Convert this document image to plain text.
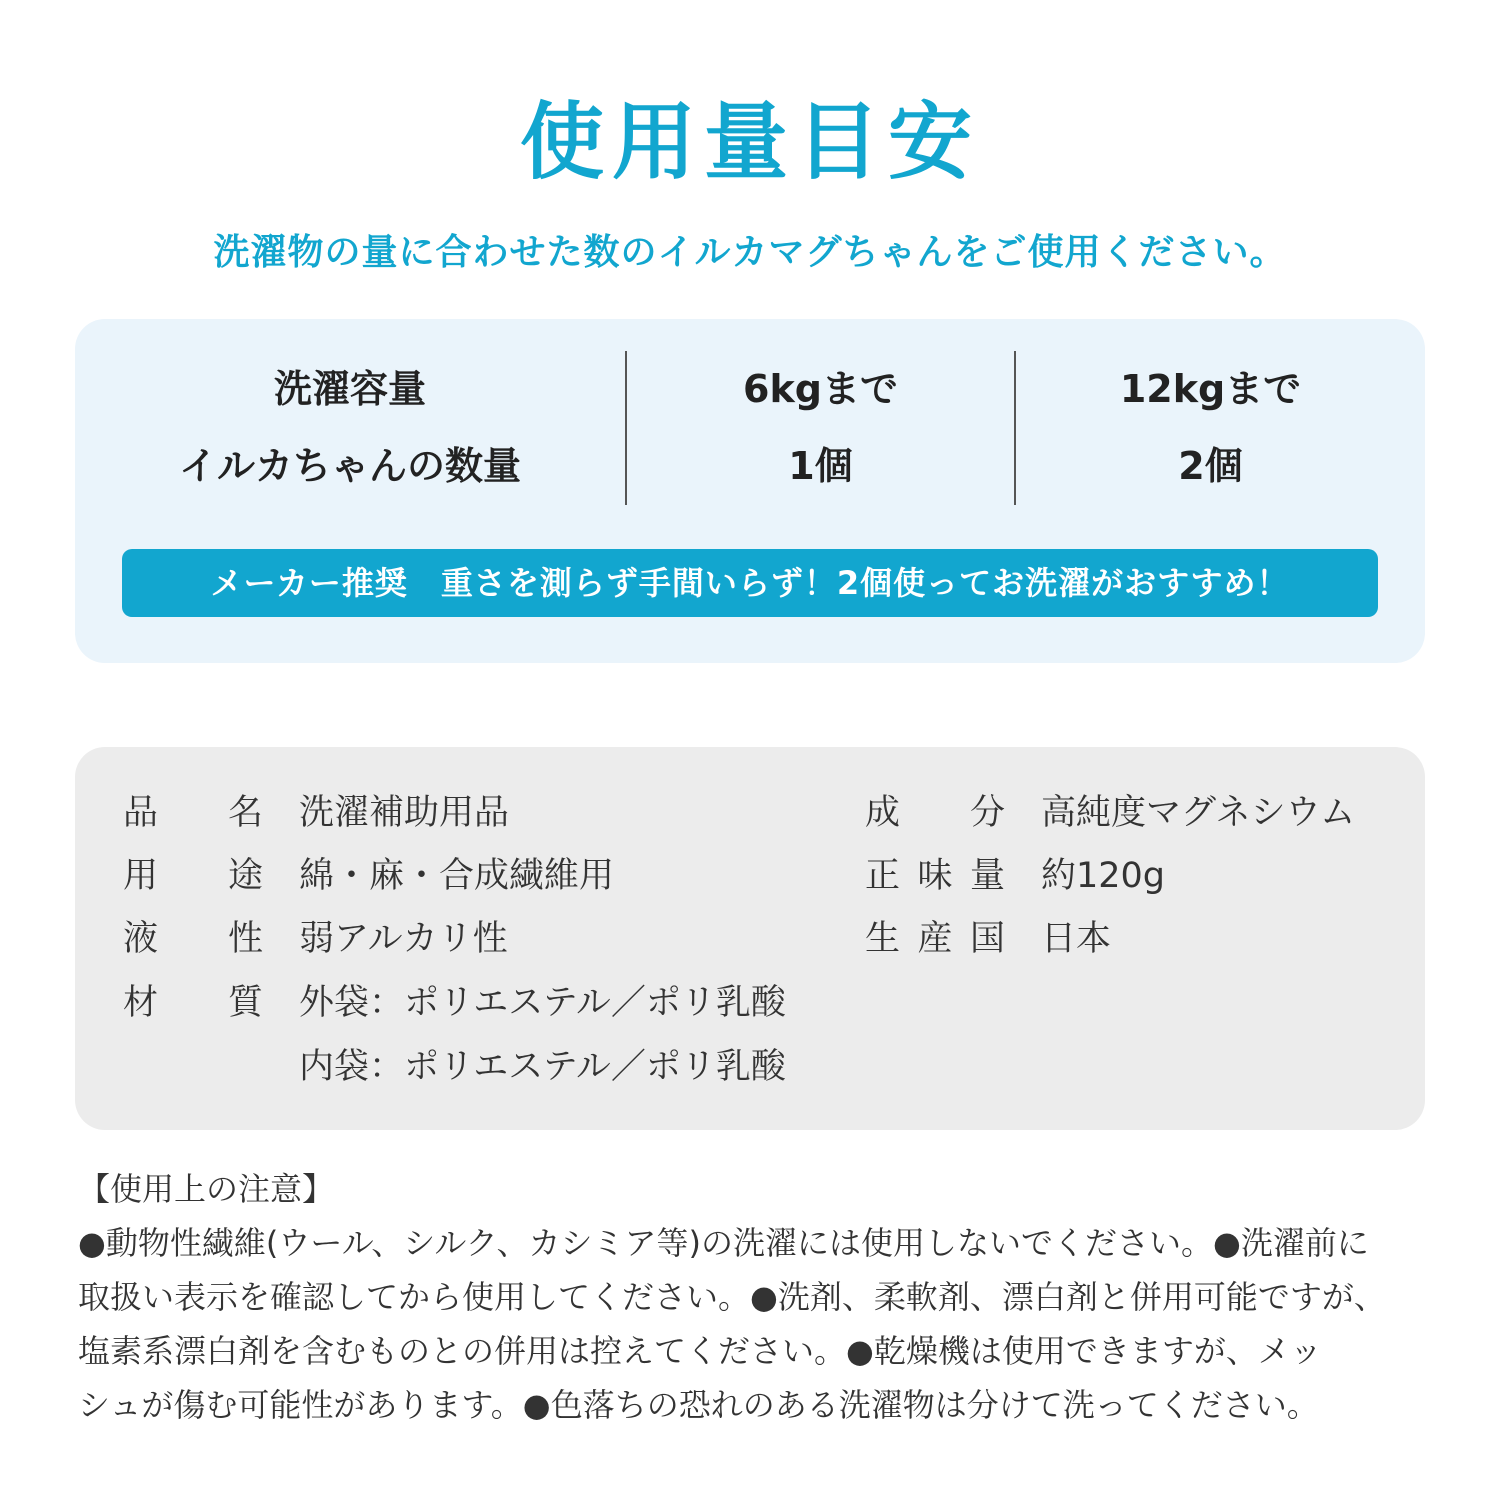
使用量目安
洗濯物の量に合わせた数のイルカマグちゃんをご使用ください。
洗濯容量
イルカちゃんの数量
6kgまで
1個
12kgまで
2個
メーカー推奨　重さを測らず手間いらず！2個使ってお洗濯がおすすめ！
品　名 洗濯補助用品
用　途 綿・麻・合成繊維用
液　性 弱アルカリ性
材　質 外袋：ポリエステル／ポリ乳酸
内袋：ポリエステル／ポリ乳酸
成　分 高純度マグネシウム
正味量 約120g
生産国 日本

【使用上の注意】

●動物性繊維(ウール、シルク、カシミア等)の洗濯には使用しないでください。●洗濯前に

取扱い表示を確認してから使用してください。●洗剤、柔軟剤、漂白剤と併用可能ですが、

塩素系漂白剤を含むものとの併用は控えてください。●乾燥機は使用できますが、メッ

シュが傷む可能性があります。●色落ちの恐れのある洗濯物は分けて洗ってください。
